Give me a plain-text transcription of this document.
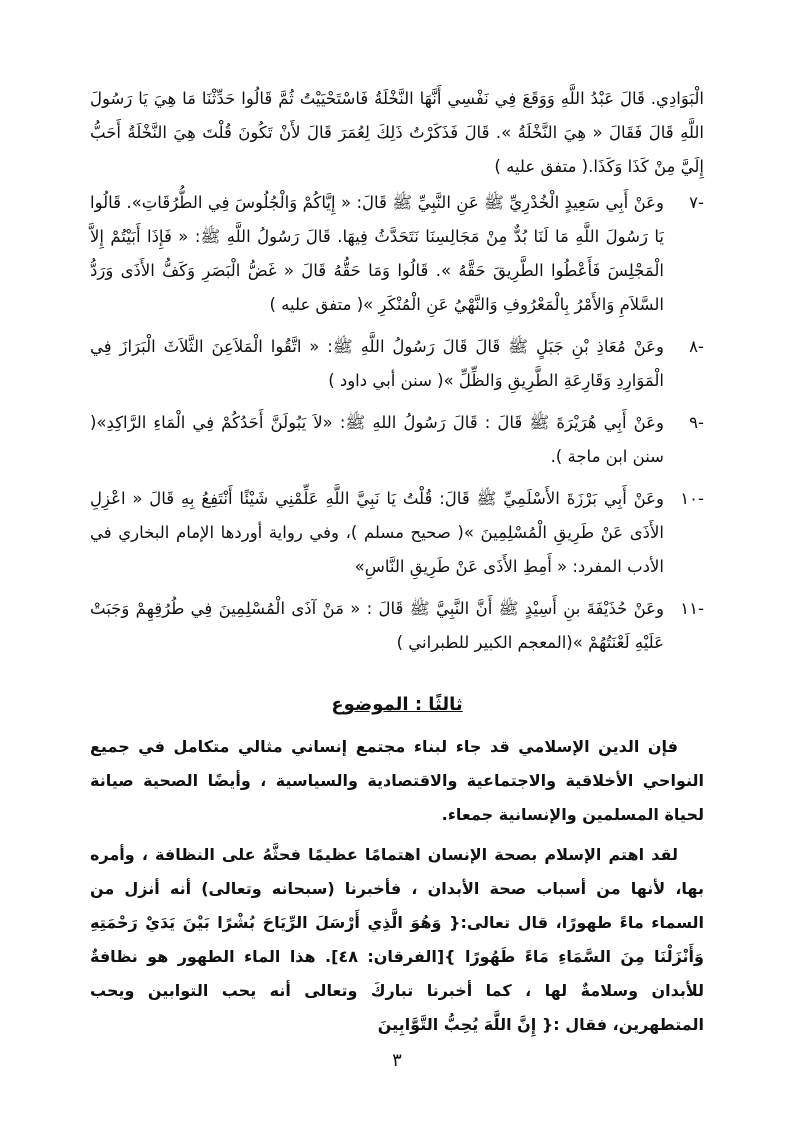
الْبَوَادِي. قَالَ عَبْدُ اللَّهِ وَوَقَعَ فِي نَفْسِي أَنَّهَا النَّخْلَةُ فَاسْتَحْيَيْتُ ثُمَّ قَالُوا حَدِّثْنَا مَا هِيَ يَا رَسُولَ اللَّهِ قَالَ فَقَالَ « هِيَ النَّخْلَةُ ». قَالَ فَذَكَرْتُ ذَلِكَ لِعُمَرَ قَالَ لأَنْ تَكُونَ قُلْتَ هِيَ النَّخْلَةُ أَحَبُّ إِلَيَّ مِنْ كَذَا وَكَذَا.( متفق عليه )
-٧
وعَنْ أَبِي سَعِيدٍ الْخُدْرِيِّ ﷺ عَنِ النَّبِيِّ ﷺ قَالَ: « إِيَّاكُمْ وَالْجُلُوسَ فِي الطُّرُقَاتِ». قَالُوا يَا رَسُولَ اللَّهِ مَا لَنَا بُدٌّ مِنْ مَجَالِسِنَا نَتَحَدَّثُ فِيهَا. قَالَ رَسُولُ اللَّهِ ﷺ: « فَإِذَا أَبَيْتُمْ إِلاَّ الْمَجْلِسَ فَأَعْطُوا الطَّرِيقَ حَقَّهُ ». قَالُوا وَمَا حَقُّهُ قَالَ « غَضُّ الْبَصَرِ وَكَفُّ الأَذَى وَرَدُّ السَّلاَمِ وَالأَمْرُ بِالْمَعْرُوفِ وَالنَّهْيُ عَنِ الْمُنْكَرِ »( متفق عليه )
-٨
وعَنْ مُعَاذِ بْنِ جَبَلٍ ﷺ قَالَ قَالَ رَسُولُ اللَّهِ ﷺ: « اتَّقُوا الْمَلاَعِنَ الثَّلاَثَ الْبَرَازَ فِي الْمَوَارِدِ وَقَارِعَةِ الطَّرِيقِ وَالظِّلِّ »( سنن أبي داود )
-٩
وعَنْ أَبِي هُرَيْرَةَ ﷺ قَالَ : قَالَ رَسُولُ اللهِ ﷺ: «لاَ يَبُولَنَّ أَحَدُكُمْ فِي الْمَاءِ الرَّاكِدِ»( سنن ابن ماجة ).
-١٠
وعَنْ أَبِي بَرْزَةَ الأَسْلَمِيِّ ﷺ قَالَ: قُلْتُ يَا نَبِيَّ اللَّهِ عَلِّمْنِي شَيْئًا أَنْتَفِعُ بِهِ قَالَ « اعْزِلِ الأَذَى عَنْ طَرِيقِ الْمُسْلِمِينَ »( صحيح مسلم )، وفي رواية أوردها الإمام البخاري في الأدب المفرد: « أَمِطِ الأَذَى عَنْ طَرِيقِ النَّاسِ»
-١١
وعَنْ حُذَيْفَةَ بنِ أَسِيْدٍ ﷺ أَنَّ النَّبِيَّ ﷺ قَالَ : « مَنْ آذَى الْمُسْلِمِينَ فِي طُرُقِهِمْ وَجَبَتْ عَلَيْهِ لَعْنَتُهُمْ »(المعجم الكبير للطبراني )
ثالثًا : الموضوع
فإن الدين الإسلامي قد جاء لبناء مجتمع إنساني مثالي متكامل في جميع النواحي الأخلاقية والاجتماعية والاقتصادية والسياسية ، وأيضًا الصحية صيانة لحياة المسلمين والإنسانية جمعاء.
لقد اهتم الإسلام بصحة الإنسان اهتمامًا عظيمًا فحثَّهُ على النظافة ، وأمره بها، لأنها من أسباب صحة الأبدان ، فأخبرنا (سبحانه وتعالى) أنه أنزل من السماء ماءً طهورًا، قال تعالى:{ وَهُوَ الَّذِي أَرْسَلَ الرِّيَاحَ بُشْرًا بَيْنَ يَدَيْ رَحْمَتِهِ وَأَنْزَلْنَا مِنَ السَّمَاءِ مَاءً طَهُورًا }[الفرقان: ٤٨]. هذا الماء الطهور هو نظافةٌ للأبدان وسلامةٌ لها ، كما أخبرنا تباركَ وتعالى أنه يحب التوابين ويحب المتطهرين، فقال :{ إِنَّ اللَّهَ يُحِبُّ التَّوَّابِينَ
٣
